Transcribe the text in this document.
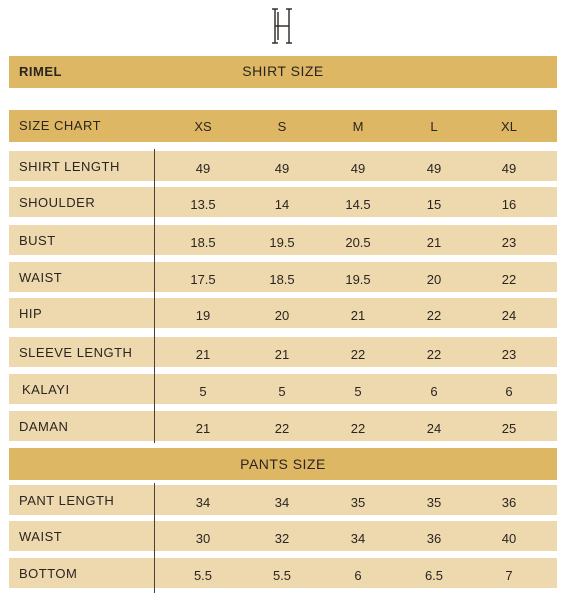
RIMEL	SHIRT SIZE
SIZE CHART	XS	S	M	L	XL
SHIRT LENGTH	49	49	49	49	49
SHOULDER	13.5	14	14.5	15	16
BUST	18.5	19.5	20.5	21	23
WAIST	17.5	18.5	19.5	20	22
HIP	19	20	21	22	24
SLEEVE LENGTH	21	21	22	22	23
KALAYI	5	5	5	6	6
DAMAN	21	22	22	24	25
PANTS SIZE
PANT LENGTH	34	34	35	35	36
WAIST	30	32	34	36	40
BOTTOM	5.5	5.5	6	6.5	7
